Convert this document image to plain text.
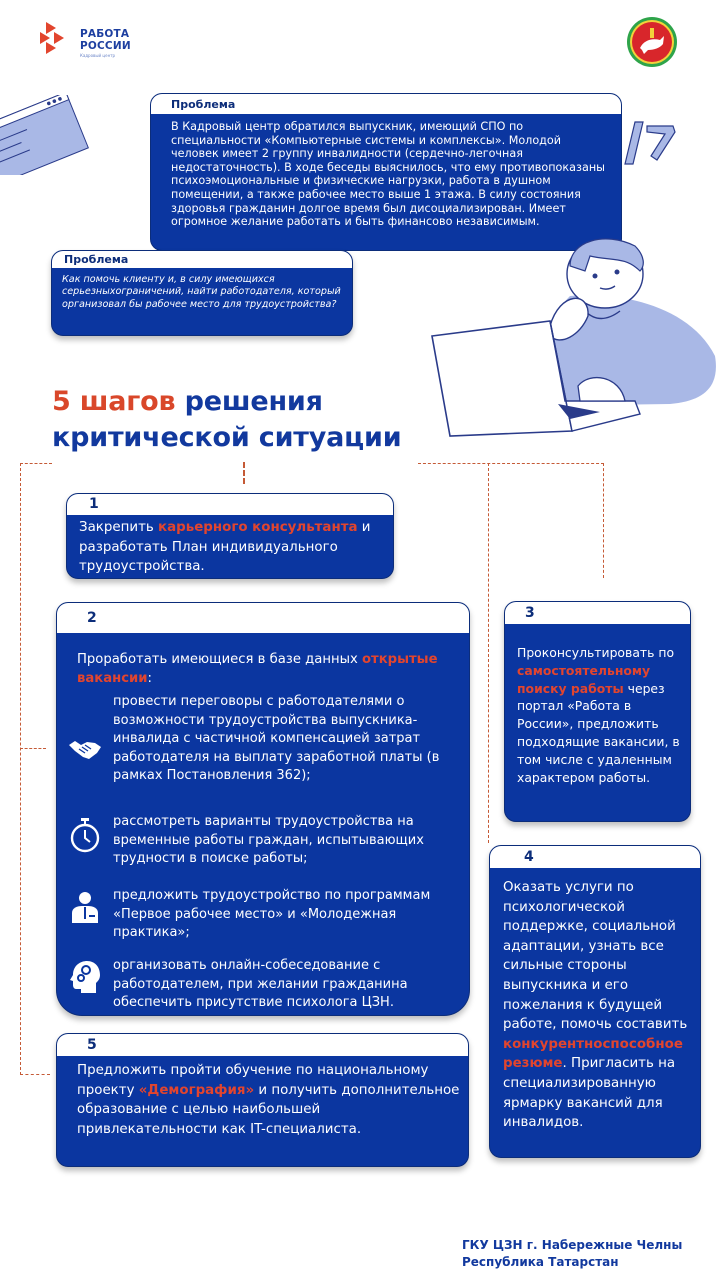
РАБОТА
РОССИИ
Кадровый центр
Проблема
В Кадровый центр обратился выпускник, имеющий СПО по специальности «Компьютерные системы и комплексы». Молодой человек имеет 2 группу инвалидности (сердечно-легочная недостаточность). В ходе беседы выяснилось, что ему противопоказаны психоэмоциональные и физические нагрузки, работа в душном помещении, а также рабочее место выше 1 этажа. В силу состояния здоровья гражданин долгое время был дисоциализирован. Имеет огромное желание работать и быть финансово независимым.
Проблема
Как помочь клиенту и, в силу имеющихся серьезныхограничений, найти работодателя, который организовал бы рабочее место для трудоустройства?
5 шагов решения
критической ситуации
1
Закрепить карьерного консультанта и разработать План индивидуального трудоустройства.
2
Проработать имеющиеся в базе данных открытые вакансии:
провести переговоры с работодателями о возможности трудоустройства выпускника-инвалида с частичной компенсацией затрат работодателя на выплату заработной платы (в рамках Постановления 362);
рассмотреть варианты трудоустройства на временные работы граждан, испытывающих трудности в поиске работы;
предложить трудоустройство по программам «Первое рабочее место» и «Молодежная практика»;
организовать онлайн-собеседование с работодателем, при желании гражданина обеспечить присутствие психолога ЦЗН.
3
Проконсультировать по самостоятельному поиску работы через портал «Работа в России», предложить подходящие вакансии, в том числе с удаленным характером работы.
4
Оказать услуги по психологической поддержке, социальной адаптации, узнать все сильные стороны выпускника и его пожелания к будущей работе, помочь составить конкурентноспособное резюме. Пригласить на специализированную ярмарку вакансий для инвалидов.
5
Предложить пройти обучение по национальному проекту «Демография» и получить дополнительное образование с целью наибольшей привлекательности как IT-специалиста.
ГКУ ЦЗН г. Набережные Челны
Республика Татарстан
